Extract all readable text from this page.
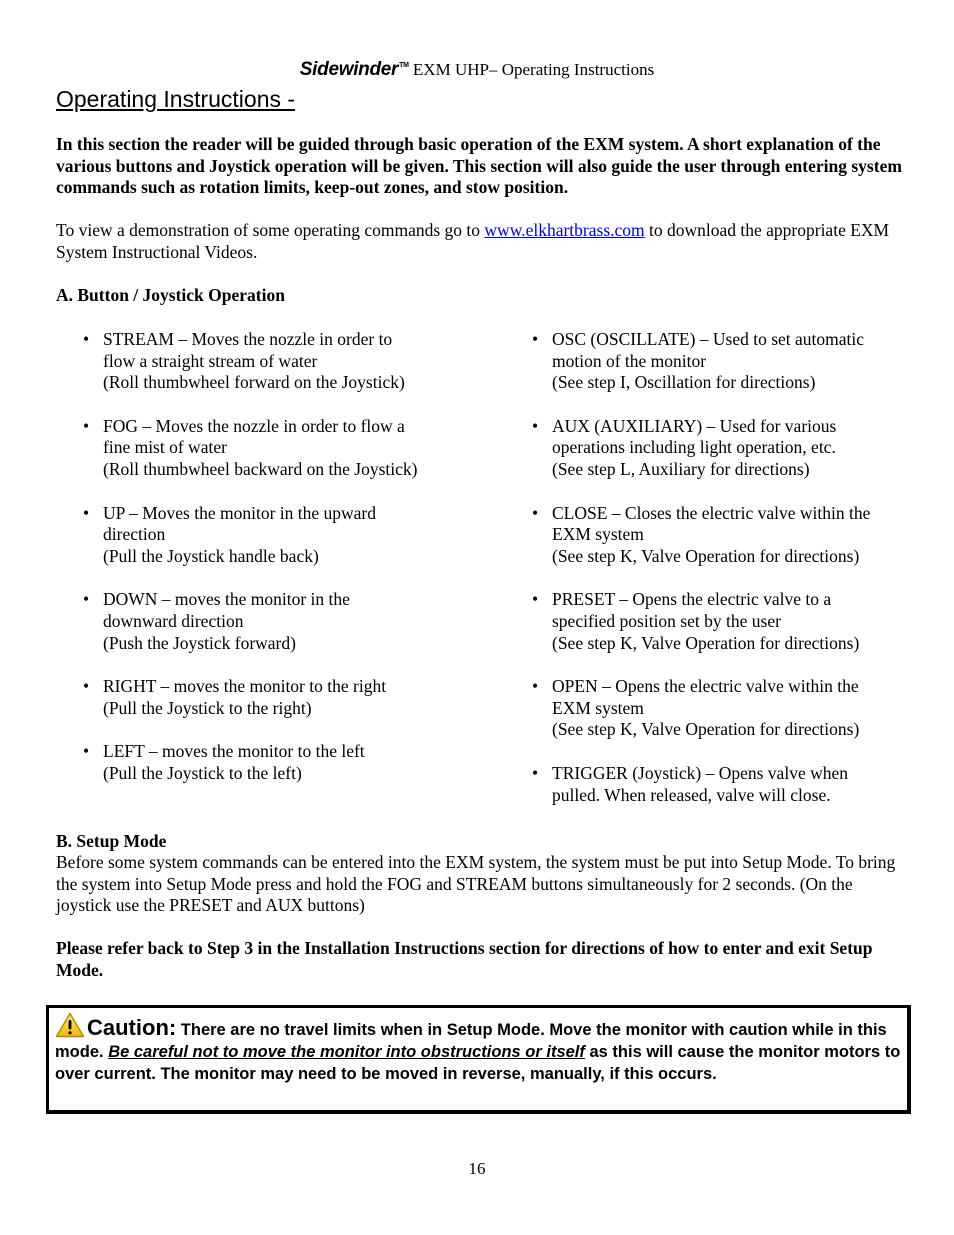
Sidewinder™ EXM UHP– Operating Instructions
Operating Instructions -
In this section the reader will be guided through basic operation of the EXM system. A short explanation of the various buttons and Joystick operation will be given. This section will also guide the user through entering system commands such as rotation limits, keep-out zones, and stow position.
To view a demonstration of some operating commands go to www.elkhartbrass.com to download the appropriate EXM System Instructional Videos.
A. Button / Joystick Operation
• STREAM – Moves the nozzle in order to
flow a straight stream of water
(Roll thumbwheel forward on the Joystick)
• FOG – Moves the nozzle in order to flow a
fine mist of water
(Roll thumbwheel backward on the Joystick)
• UP – Moves the monitor in the upward
direction
(Pull the Joystick handle back)
• DOWN – moves the monitor in the
downward direction
(Push the Joystick forward)
• RIGHT – moves the monitor to the right
(Pull the Joystick to the right)
• LEFT – moves the monitor to the left
(Pull the Joystick to the left)
• OSC (OSCILLATE) – Used to set automatic
motion of the monitor
(See step I, Oscillation for directions)
• AUX (AUXILIARY) – Used for various
operations including light operation, etc.
(See step L, Auxiliary for directions)
• CLOSE – Closes the electric valve within the
EXM system
(See step K, Valve Operation for directions)
• PRESET – Opens the electric valve to a
specified position set by the user
(See step K, Valve Operation for directions)
• OPEN – Opens the electric valve within the
EXM system
(See step K, Valve Operation for directions)
• TRIGGER (Joystick) – Opens valve when
pulled. When released, valve will close.
B. Setup Mode
Before some system commands can be entered into the EXM system, the system must be put into Setup Mode. To bring the system into Setup Mode press and hold the FOG and STREAM buttons simultaneously for 2 seconds. (On the joystick use the PRESET and AUX buttons)
Please refer back to Step 3 in the Installation Instructions section for directions of how to enter and exit Setup Mode.
Caution: There are no travel limits when in Setup Mode. Move the monitor with caution while in this mode. Be careful not to move the monitor into obstructions or itself as this will cause the monitor motors to over current. The monitor may need to be moved in reverse, manually, if this occurs.
16
